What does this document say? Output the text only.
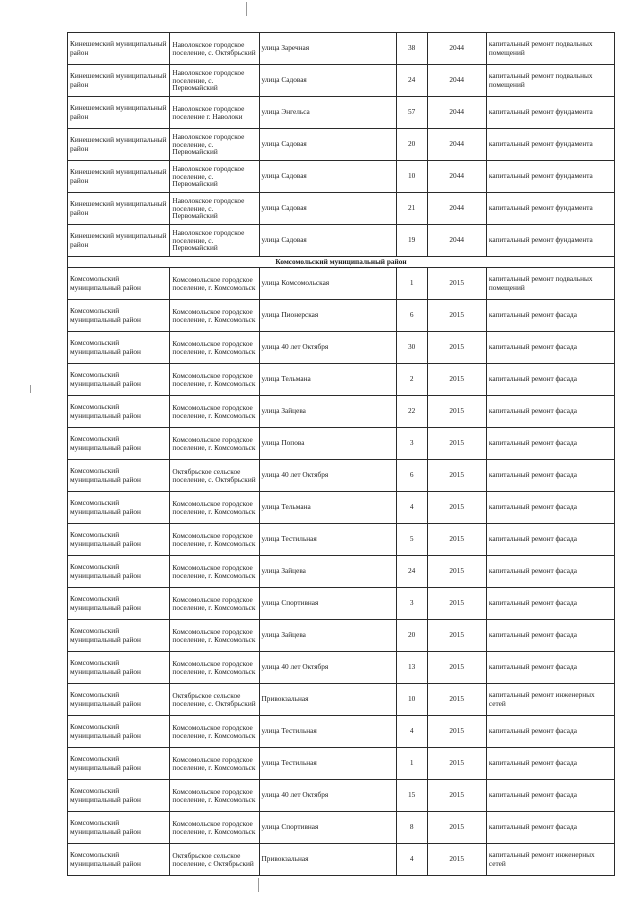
Кинешемский муниципальный район	Наволокское городское поселение, с. Октябрьский	улица Заречная	38	2044	капитальный ремонт подвальных помещений
Кинешемский муниципальный район	Наволокское городское поселение, с. Первомайский	улица Садовая	24	2044	капитальный ремонт подвальных помещений
Кинешемский муниципальный район	Наволокское городское поселение г. Наволоки	улица Энгельса	57	2044	капитальный ремонт фундамента
Кинешемский муниципальный район	Наволокское городское поселение, с. Первомайский	улица Садовая	20	2044	капитальный ремонт фундамента
Кинешемский муниципальный район	Наволокское городское поселение, с. Первомайский	улица Садовая	10	2044	капитальный ремонт фундамента
Кинешемский муниципальный район	Наволокское городское поселение, с. Первомайский	улица Садовая	21	2044	капитальный ремонт фундамента
Кинешемский муниципальный район	Наволокское городское поселение, с. Первомайский	улица Садовая	19	2044	капитальный ремонт фундамента
Комсомольский муниципальный район					
Комсомольский муниципальный район	Комсомольское городское поселение, г. Комсомольск	улица Комсомольская	1	2015	капитальный ремонт подвальных помещений
Комсомольский муниципальный район	Комсомольское городское поселение, г. Комсомольск	улица Пионерская	6	2015	капитальный ремонт фасада
Комсомольский муниципальный район	Комсомольское городское поселение, г. Комсомольск	улица 40 лет Октября	30	2015	капитальный ремонт фасада
Комсомольский муниципальный район	Комсомольское городское поселение, г. Комсомольск	улица Тельмана	2	2015	капитальный ремонт фасада
Комсомольский муниципальный район	Комсомольское городское поселение, г. Комсомольск	улица Зайцева	22	2015	капитальный ремонт фасада
Комсомольский муниципальный район	Комсомольское городское поселение, г. Комсомольск	улица Попова	3	2015	капитальный ремонт фасада
Комсомольский муниципальный район	Октябрьское сельское поселение, с. Октябрьский	улица 40 лет Октября	6	2015	капитальный ремонт фасада
Комсомольский муниципальный район	Комсомольское городское поселение, г. Комсомольск	улица Тельмана	4	2015	капитальный ремонт фасада
Комсомольский муниципальный район	Комсомольское городское поселение, г. Комсомольск	улица Тестильная	5	2015	капитальный ремонт фасада
Комсомольский муниципальный район	Комсомольское городское поселение, г. Комсомольск	улица Зайцева	24	2015	капитальный ремонт фасада
Комсомольский муниципальный район	Комсомольское городское поселение, г. Комсомольск	улица Спортивная	3	2015	капитальный ремонт фасада
Комсомольский муниципальный район	Комсомольское городское поселение, г. Комсомольск	улица Зайцева	20	2015	капитальный ремонт фасада
Комсомольский муниципальный район	Комсомольское городское поселение, г. Комсомольск	улица 40 лет Октября	13	2015	капитальный ремонт фасада
Комсомольский муниципальный район	Октябрьское сельское поселение, с. Октябрьский	Привокзальная	10	2015	капитальный ремонт инженерных сетей
Комсомольский муниципальный район	Комсомольское городское поселение, г. Комсомольск	улица Тестильная	4	2015	капитальный ремонт фасада
Комсомольский муниципальный район	Комсомольское городское поселение, г. Комсомольск	улица Тестильная	1	2015	капитальный ремонт фасада
Комсомольский муниципальный район	Комсомольское городское поселение, г. Комсомольск	улица 40 лет Октября	15	2015	капитальный ремонт фасада
Комсомольский муниципальный район	Комсомольское городское поселение, г. Комсомольск	улица Спортивная	8	2015	капитальный ремонт фасада
Комсомольский муниципальный район	Октябрьское сельское поселение, с Октябрьский	Привокзальная	4	2015	капитальный ремонт инженерных сетей
